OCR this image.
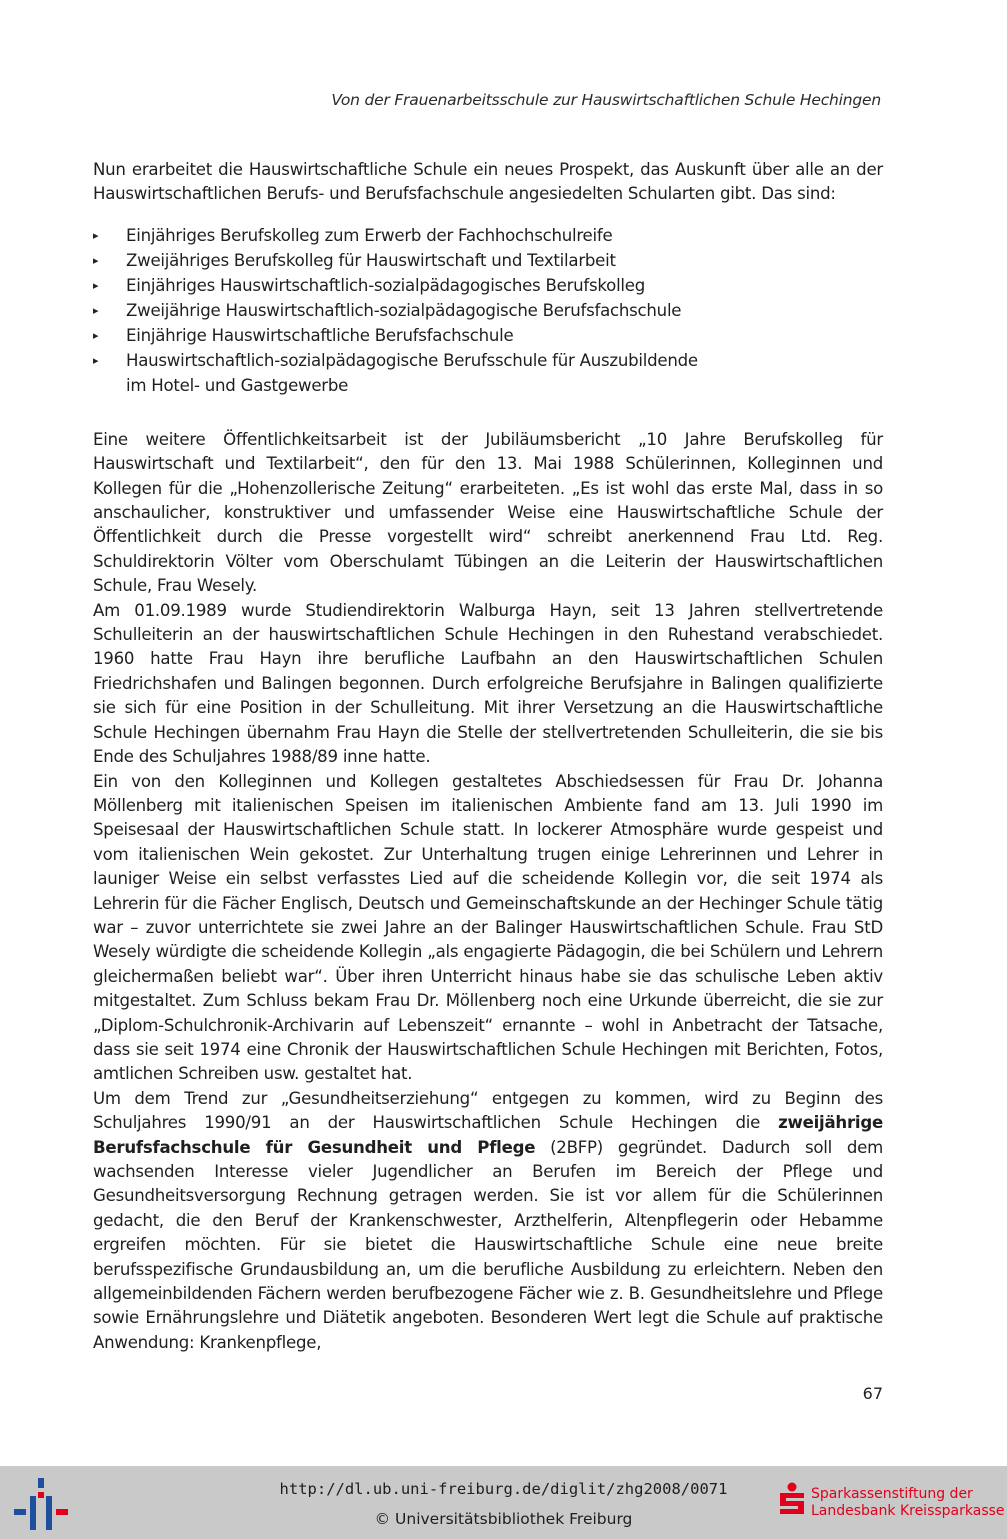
Von der Frauenarbeitsschule zur Hauswirtschaftlichen Schule Hechingen

Nun erarbeitet die Hauswirtschaftliche Schule ein neues Prospekt, das Auskunft über alle an der Hauswirtschaftlichen Berufs- und Berufsfachschule angesiedelten Schularten gibt. Das sind:

▸ Einjähriges Berufskolleg zum Erwerb der Fachhochschulreife
▸ Zweijähriges Berufskolleg für Hauswirtschaft und Textilarbeit
▸ Einjähriges Hauswirtschaftlich-sozialpädagogisches Berufskolleg
▸ Zweijährige Hauswirtschaftlich-sozialpädagogische Berufsfachschule
▸ Einjährige Hauswirtschaftliche Berufsfachschule
▸ Hauswirtschaftlich-sozialpädagogische Berufsschule für Auszubildende
im Hotel- und Gastgewerbe

Eine weitere Öffentlichkeitsarbeit ist der Jubiläumsbericht „10 Jahre Berufskolleg für Hauswirtschaft und Textilarbeit“, den für den 13. Mai 1988 Schülerinnen, Kolleginnen und Kollegen für die „Hohenzollerische Zeitung“ erarbeiteten. „Es ist wohl das erste Mal, dass in so anschaulicher, konstruktiver und umfassender Weise eine Hauswirtschaftliche Schule der Öffentlichkeit durch die Presse vorgestellt wird“ schreibt anerkennend Frau Ltd. Reg. Schuldirektorin Völter vom Oberschulamt Tübingen an die Leiterin der Hauswirtschaftlichen Schule, Frau Wesely.

Am 01.09.1989 wurde Studiendirektorin Walburga Hayn, seit 13 Jahren stellvertretende Schulleiterin an der hauswirtschaftlichen Schule Hechingen in den Ruhestand verabschiedet. 1960 hatte Frau Hayn ihre berufliche Laufbahn an den Hauswirtschaftlichen Schulen Friedrichshafen und Balingen begonnen. Durch erfolgreiche Berufsjahre in Balingen qualifizierte sie sich für eine Position in der Schulleitung. Mit ihrer Versetzung an die Hauswirtschaftliche Schule Hechingen übernahm Frau Hayn die Stelle der stellvertretenden Schulleiterin, die sie bis Ende des Schuljahres 1988/89 inne hatte.

Ein von den Kolleginnen und Kollegen gestaltetes Abschiedsessen für Frau Dr. Johanna Möllenberg mit italienischen Speisen im italienischen Ambiente fand am 13. Juli 1990 im Speisesaal der Hauswirtschaftlichen Schule statt. In lockerer Atmosphäre wurde gespeist und vom italienischen Wein gekostet. Zur Unterhaltung trugen einige Lehrerinnen und Lehrer in launiger Weise ein selbst verfasstes Lied auf die scheidende Kollegin vor, die seit 1974 als Lehrerin für die Fächer Englisch, Deutsch und Gemeinschaftskunde an der Hechinger Schule tätig war – zuvor unterrichtete sie zwei Jahre an der Balinger Hauswirtschaftlichen Schule. Frau StD Wesely würdigte die scheidende Kollegin „als engagierte Pädagogin, die bei Schülern und Lehrern gleichermaßen beliebt war“. Über ihren Unterricht hinaus habe sie das schulische Leben aktiv mitgestaltet. Zum Schluss bekam Frau Dr. Möllenberg noch eine Urkunde überreicht, die sie zur „Diplom-Schulchronik-Archivarin auf Lebenszeit“ ernannte – wohl in Anbetracht der Tatsache, dass sie seit 1974 eine Chronik der Hauswirtschaftlichen Schule Hechingen mit Berichten, Fotos, amtlichen Schreiben usw. gestaltet hat.

Um dem Trend zur „Gesundheitserziehung“ entgegen zu kommen, wird zu Beginn des Schuljahres 1990/91 an der Hauswirtschaftlichen Schule Hechingen die zweijährige Berufsfachschule für Gesundheit und Pflege (2BFP) gegründet. Dadurch soll dem wachsenden Interesse vieler Jugendlicher an Berufen im Bereich der Pflege und Gesundheitsversorgung Rechnung getragen werden. Sie ist vor allem für die Schülerinnen gedacht, die den Beruf der Krankenschwester, Arzthelferin, Altenpflegerin oder Hebamme ergreifen möchten. Für sie bietet die Hauswirtschaftliche Schule eine neue breite berufsspezifische Grundausbildung an, um die berufliche Ausbildung zu erleichtern. Neben den allgemeinbildenden Fächern werden berufbezogene Fächer wie z. B. Gesundheitslehre und Pflege sowie Ernährungslehre und Diätetik angeboten. Besonderen Wert legt die Schule auf praktische Anwendung: Krankenpflege,

67
http://dl.ub.uni-freiburg.de/diglit/zhg2008/0071
© Universitätsbibliothek Freiburg
Sparkassenstiftung der
Landesbank Kreissparkasse
